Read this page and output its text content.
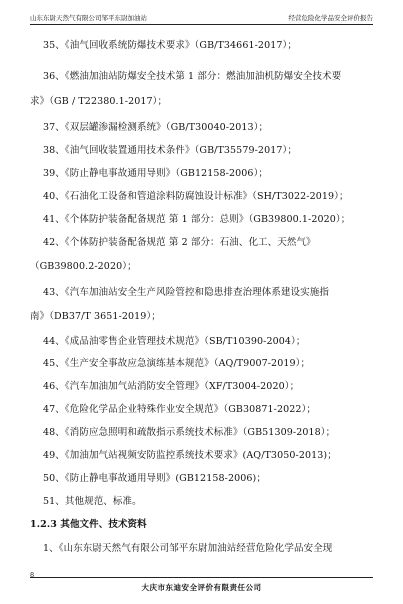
山东东尉天然气有限公司邹平东尉加油站	经营危险化学品安全评价报告
35、《油气回收系统防爆技术要求》（GB/T34661-2017）；
36、《燃油加油站防爆安全技术第 1 部分：燃油加油机防爆安全技术要
求》（GB / T22380.1-2017）；
37、《双层罐渗漏检测系统》（GB/T30040-2013）；
38、《油气回收装置通用技术条件》（GB/T35579-2017）；
39、《防止静电事故通用导则》（GB12158-2006）；
40、《石油化工设备和管道涂料防腐蚀设计标准》（SH/T3022-2019）；
41、《个体防护装备配备规范 第 1 部分：总则》（GB39800.1-2020）；
42、《个体防护装备配备规范 第 2 部分：石油、化工、天然气》
（GB39800.2-2020）；
43、《汽车加油站安全生产风险管控和隐患排查治理体系建设实施指
南》（DB37/T 3651-2019）；
44、《成品油零售企业管理技术规范》（SB/T10390-2004）；
45、《生产安全事故应急演练基本规范》（AQ/T9007-2019）；
46、《汽车加油加气站消防安全管理》（XF/T3004-2020）；
47、《危险化学品企业特殊作业安全规范》（GB30871-2022）；
48、《消防应急照明和疏散指示系统技术标准》（GB51309-2018）；
49、《加油加气站视频安防监控系统技术要求》(AQ/T3050-2013)；
50、《防止静电事故通用导则》(GB12158-2006)；
51、其他规范、标准。
1.2.3 其他文件、技术资料
1、《山东东尉天然气有限公司邹平东尉加油站经营危险化学品安全现
8
大庆市东迪安全评价有限责任公司
